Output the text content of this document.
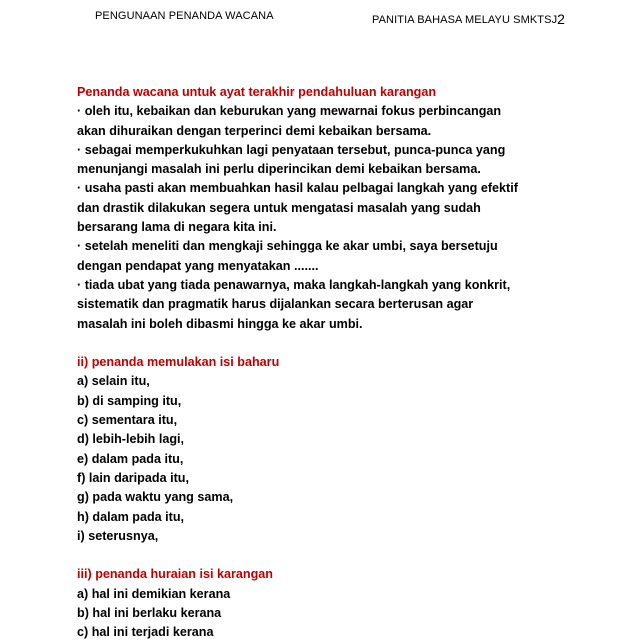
PENGUNAAN PENANDA WACANA	PANITIA BAHASA MELAYU SMKTSJ2
Penanda wacana untuk ayat terakhir pendahuluan karangan
· oleh itu, kebaikan dan keburukan yang mewarnai fokus perbincangan
akan dihuraikan dengan terperinci demi kebaikan bersama.
· sebagai memperkukuhkan lagi penyataan tersebut, punca-punca yang
menunjangi masalah ini perlu diperincikan demi kebaikan bersama.
· usaha pasti akan membuahkan hasil kalau pelbagai langkah yang efektif
dan drastik dilakukan segera untuk mengatasi masalah yang sudah
bersarang lama di negara kita ini.
· setelah meneliti dan mengkaji sehingga ke akar umbi, saya bersetuju
dengan pendapat yang menyatakan .......
· tiada ubat yang tiada penawarnya, maka langkah-langkah yang konkrit,
sistematik dan pragmatik harus dijalankan secara berterusan agar
masalah ini boleh dibasmi hingga ke akar umbi.
ii) penanda memulakan isi baharu
a) selain itu,
b) di samping itu,
c) sementara itu,
d) lebih-lebih lagi,
e) dalam pada itu,
f) lain daripada itu,
g) pada waktu yang sama,
h) dalam pada itu,
i) seterusnya,
iii) penanda huraian isi karangan
a) hal ini demikian kerana
b) hal ini berlaku kerana
c) hal ini terjadi kerana
